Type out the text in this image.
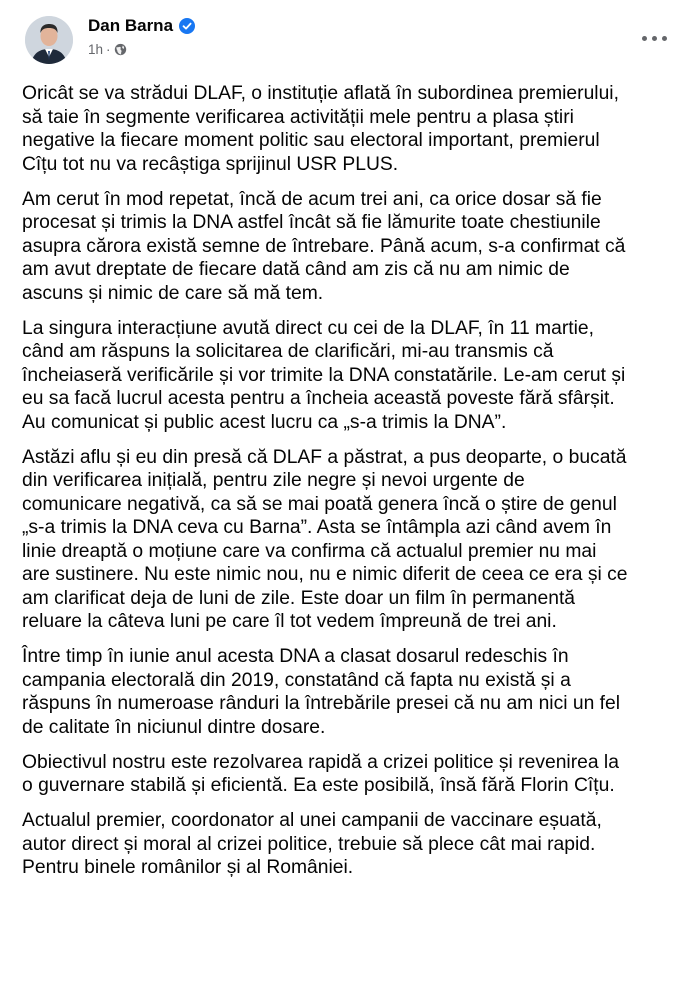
Dan Barna
1h ·

Oricât se va strădui DLAF, o instituție aflată în subordinea premierului,
să taie în segmente verificarea activității mele pentru a plasa știri
negative la fiecare moment politic sau electoral important, premierul
Cîțu tot nu va recâștiga sprijinul USR PLUS.

Am cerut în mod repetat, încă de acum trei ani, ca orice dosar să fie
procesat și trimis la DNA astfel încât să fie lămurite toate chestiunile
asupra cărora există semne de întrebare. Până acum, s-a confirmat că
am avut dreptate de fiecare dată când am zis că nu am nimic de
ascuns și nimic de care să mă tem.

La singura interacțiune avută direct cu cei de la DLAF, în 11 martie,
când am răspuns la solicitarea de clarificări, mi-au transmis că
încheiaseră verificările și vor trimite la DNA constatările. Le-am cerut și
eu sa facă lucrul acesta pentru a încheia această poveste fără sfârșit.
Au comunicat și public acest lucru ca „s-a trimis la DNA”.

Astăzi aflu și eu din presă că DLAF a păstrat, a pus deoparte, o bucată
din verificarea inițială, pentru zile negre și nevoi urgente de
comunicare negativă, ca să se mai poată genera încă o știre de genul
„s-a trimis la DNA ceva cu Barna”. Asta se întâmpla azi când avem în
linie dreaptă o moțiune care va confirma că actualul premier nu mai
are sustinere. Nu este nimic nou, nu e nimic diferit de ceea ce era și ce
am clarificat deja de luni de zile. Este doar un film în permanentă
reluare la câteva luni pe care îl tot vedem împreună de trei ani.

Între timp în iunie anul acesta DNA a clasat dosarul redeschis în
campania electorală din 2019, constatând că fapta nu există și a
răspuns în numeroase rânduri la întrebările presei că nu am nici un fel
de calitate în niciunul dintre dosare.

Obiectivul nostru este rezolvarea rapidă a crizei politice și revenirea la
o guvernare stabilă și eficientă. Ea este posibilă, însă fără Florin Cîțu.

Actualul premier, coordonator al unei campanii de vaccinare eșuată,
autor direct și moral al crizei politice, trebuie să plece cât mai rapid.
Pentru binele românilor și al României.
